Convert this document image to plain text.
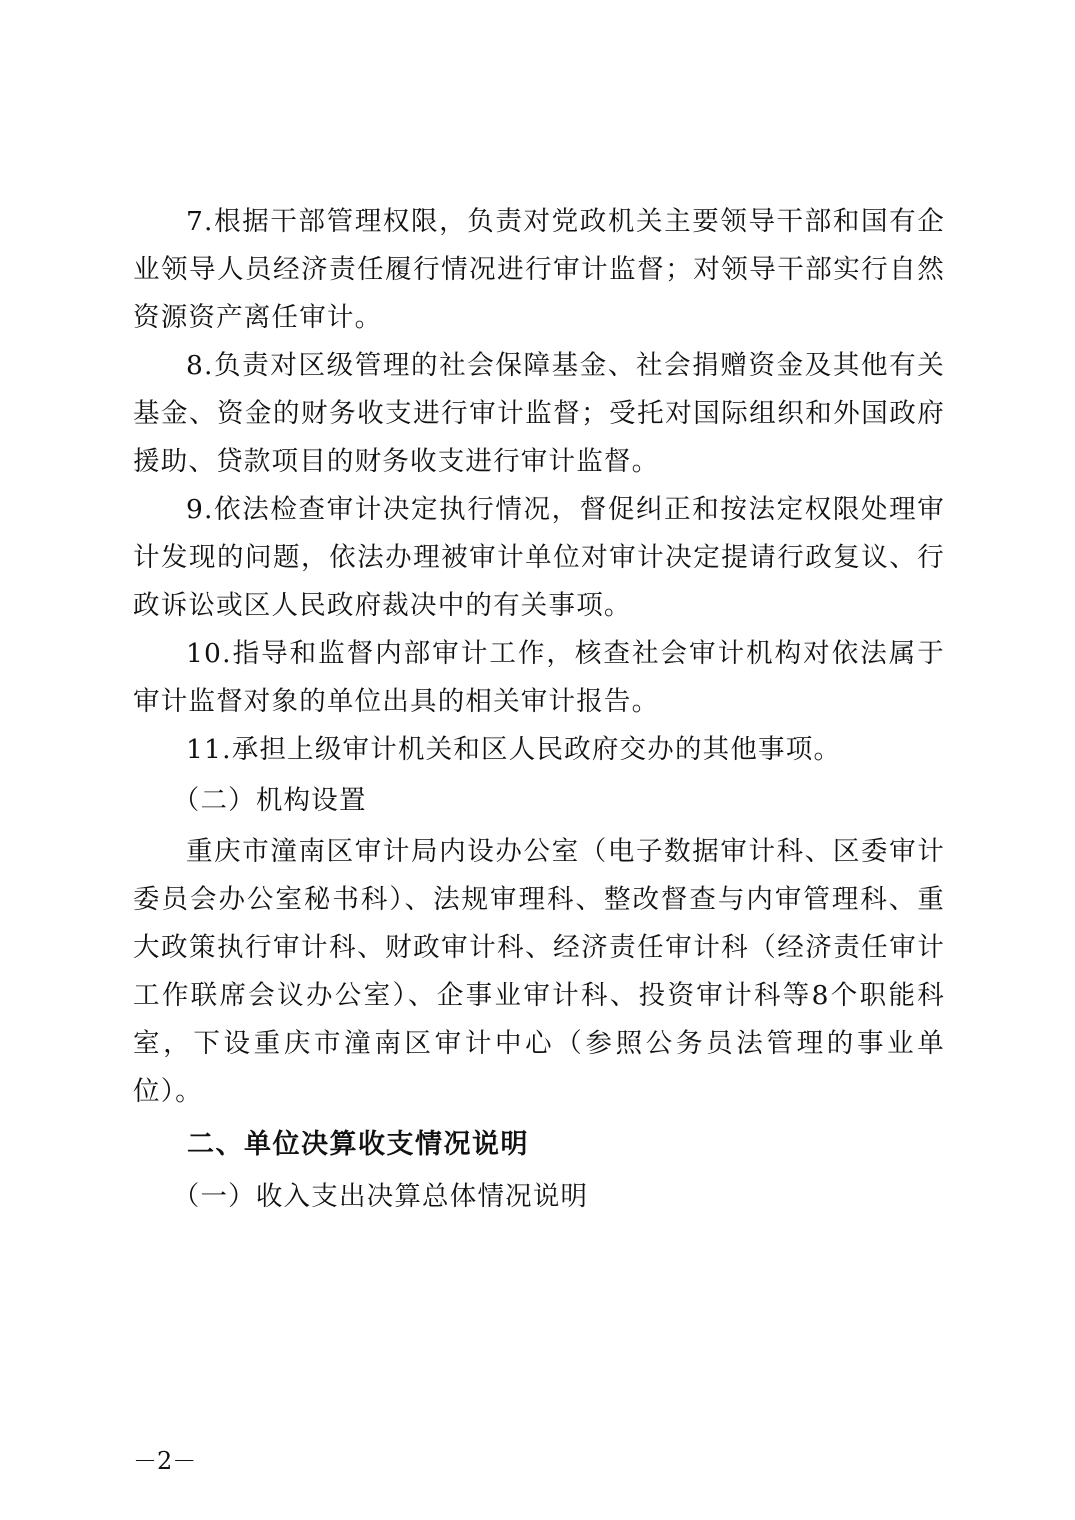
7.根据干部管理权限，负责对党政机关主要领导干部和国有企业领导人员经济责任履行情况进行审计监督；对领导干部实行自然资源资产离任审计。

8.负责对区级管理的社会保障基金、社会捐赠资金及其他有关基金、资金的财务收支进行审计监督；受托对国际组织和外国政府援助、贷款项目的财务收支进行审计监督。

9.依法检查审计决定执行情况，督促纠正和按法定权限处理审计发现的问题，依法办理被审计单位对审计决定提请行政复议、行政诉讼或区人民政府裁决中的有关事项。

10.指导和监督内部审计工作，核查社会审计机构对依法属于审计监督对象的单位出具的相关审计报告。

11.承担上级审计机关和区人民政府交办的其他事项。

（二）机构设置

重庆市潼南区审计局内设办公室（电子数据审计科、区委审计委员会办公室秘书科）、法规审理科、整改督查与内审管理科、重大政策执行审计科、财政审计科、经济责任审计科（经济责任审计工作联席会议办公室）、企事业审计科、投资审计科等8个职能科室，下设重庆市潼南区审计中心（参照公务员法管理的事业单位）。

二、单位决算收支情况说明

（一）收入支出决算总体情况说明

－2－
